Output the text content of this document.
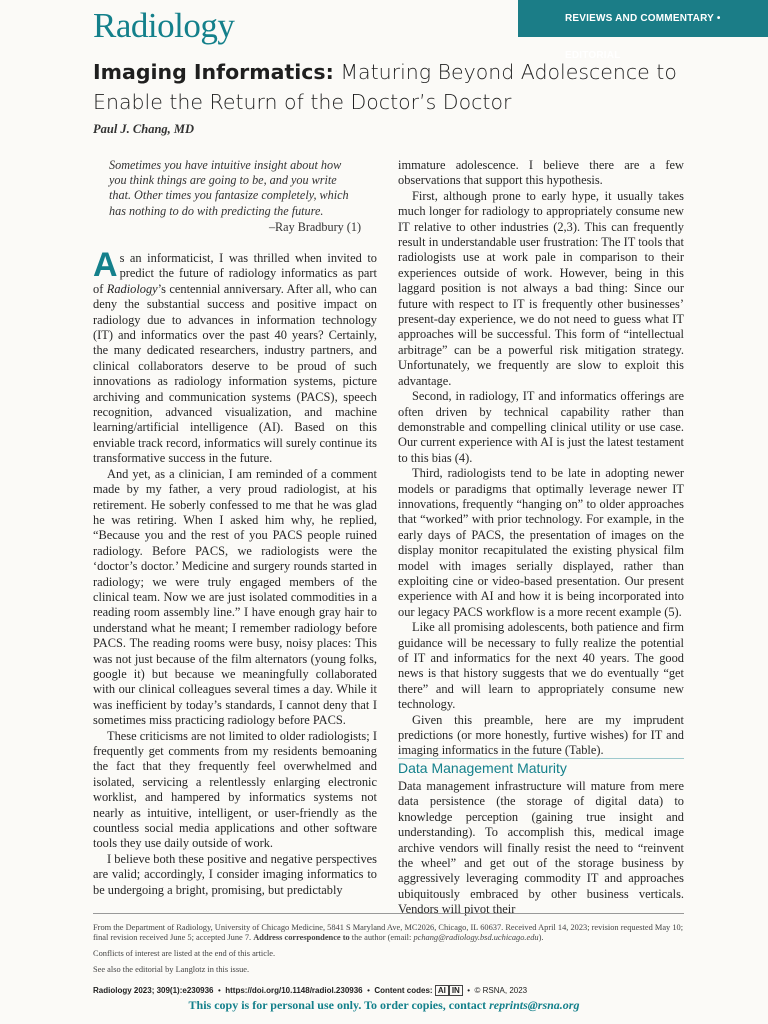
Radiology	REVIEWS AND COMMENTARY • EDITORIAL
Imaging Informatics: Maturing Beyond Adolescence to Enable the Return of the Doctor’s Doctor
Paul J. Chang, MD
Sometimes you have intuitive insight about how you think things are going to be, and you write that. Other times you fantasize completely, which has nothing to do with predicting the future.
–Ray Bradbury (1)

As an informaticist, I was thrilled when invited to predict the future of radiology informatics as part of Radiology’s centennial anniversary. After all, who can deny the substantial success and positive impact on radiology due to advances in information technology (IT) and informatics over the past 40 years? Certainly, the many dedicated researchers, industry partners, and clinical collaborators deserve to be proud of such innovations as radiology information systems, picture archiving and communication systems (PACS), speech recognition, advanced visualization, and machine learning/artificial intelligence (AI). Based on this enviable track record, informatics will surely continue its transformative success in the future.

And yet, as a clinician, I am reminded of a comment made by my father, a very proud radiologist, at his retirement. He soberly confessed to me that he was glad he was retiring. When I asked him why, he replied, “Because you and the rest of you PACS people ruined radiology. Before PACS, we radiologists were the ‘doctor’s doctor.’ Medicine and surgery rounds started in radiology; we were truly engaged members of the clinical team. Now we are just isolated commodities in a reading room assembly line.” I have enough gray hair to understand what he meant; I remember radiology before PACS. The reading rooms were busy, noisy places: This was not just because of the film alternators (young folks, google it) but because we meaningfully collaborated with our clinical colleagues several times a day. While it was inefficient by today’s standards, I cannot deny that I sometimes miss practicing radiology before PACS.

These criticisms are not limited to older radiologists; I frequently get comments from my residents bemoaning the fact that they frequently feel overwhelmed and isolated, servicing a relentlessly enlarging electronic worklist, and hampered by informatics systems not nearly as intuitive, intelligent, or user-friendly as the countless social media applications and other software tools they use daily outside of work.

I believe both these positive and negative perspectives are valid; accordingly, I consider imaging informatics to be undergoing a bright, promising, but predictably

immature adolescence. I believe there are a few observations that support this hypothesis.

First, although prone to early hype, it usually takes much longer for radiology to appropriately consume new IT relative to other industries (2,3). This can frequently result in understandable user frustration: The IT tools that radiologists use at work pale in comparison to their experiences outside of work. However, being in this laggard position is not always a bad thing: Since our future with respect to IT is frequently other businesses’ present-day experience, we do not need to guess what IT approaches will be successful. This form of “intellectual arbitrage” can be a powerful risk mitigation strategy. Unfortunately, we frequently are slow to exploit this advantage.

Second, in radiology, IT and informatics offerings are often driven by technical capability rather than demonstrable and compelling clinical utility or use case. Our current experience with AI is just the latest testament to this bias (4).

Third, radiologists tend to be late in adopting newer models or paradigms that optimally leverage newer IT innovations, frequently “hanging on” to older approaches that “worked” with prior technology. For example, in the early days of PACS, the presentation of images on the display monitor recapitulated the existing physical film model with images serially displayed, rather than exploiting cine or video-based presentation. Our present experience with AI and how it is being incorporated into our legacy PACS workflow is a more recent example (5).

Like all promising adolescents, both patience and firm guidance will be necessary to fully realize the potential of IT and informatics for the next 40 years. The good news is that history suggests that we do eventually “get there” and will learn to appropriately consume new technology.

Given this preamble, here are my imprudent predictions (or more honestly, furtive wishes) for IT and imaging informatics in the future (Table).

Data Management Maturity

Data management infrastructure will mature from mere data persistence (the storage of digital data) to knowledge perception (gaining true insight and understanding). To accomplish this, medical image archive vendors will finally resist the need to “reinvent the wheel” and get out of the storage business by aggressively leveraging commodity IT and approaches ubiquitously embraced by other business verticals. Vendors will pivot their

From the Department of Radiology, University of Chicago Medicine, 5841 S Maryland Ave, MC2026, Chicago, IL 60637. Received April 14, 2023; revision requested May 10; final revision received June 5; accepted June 7. Address correspondence to the author (email: pchang@radiology.bsd.uchicago.edu).
Conflicts of interest are listed at the end of this article.
See also the editorial by Langlotz in this issue.
Radiology 2023; 309(1):e230936 • https://doi.org/10.1148/radiol.230936 • Content codes: AI IN • © RSNA, 2023
This copy is for personal use only. To order copies, contact reprints@rsna.org
